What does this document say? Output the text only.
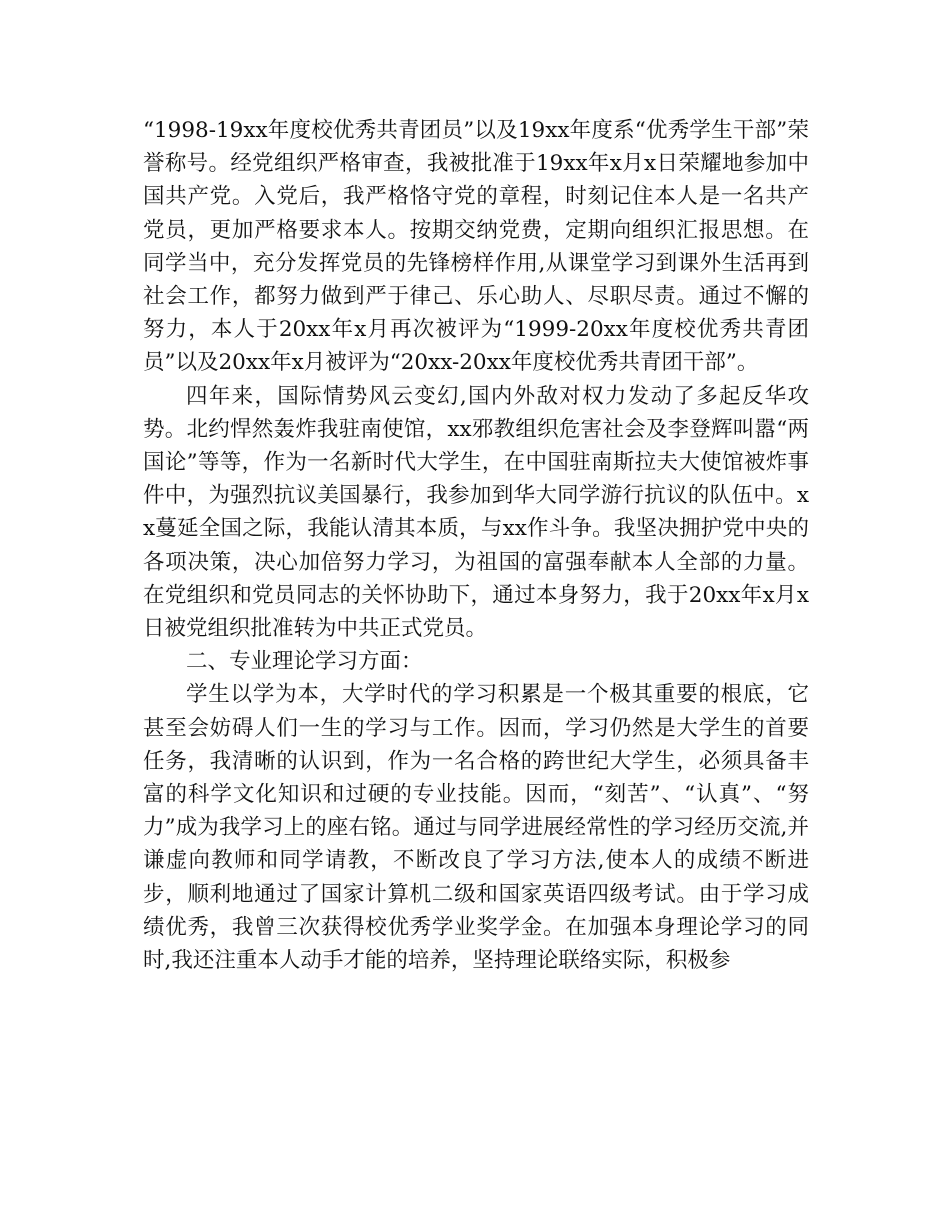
“1998-19xx年度校优秀共青团员”以及19xx年度系“优秀学生干部”荣誉称号。经党组织严格审查，我被批准于19xx年x月x日荣耀地参加中国共产党。入党后，我严格恪守党的章程，时刻记住本人是一名共产党员，更加严格要求本人。按期交纳党费，定期向组织汇报思想。在同学当中，充分发挥党员的先锋榜样作用,从课堂学习到课外生活再到社会工作，都努力做到严于律己、乐心助人、尽职尽责。通过不懈的努力，本人于20xx年x月再次被评为“1999-20xx年度校优秀共青团员”以及20xx年x月被评为“20xx-20xx年度校优秀共青团干部”。

四年来，国际情势风云变幻,国内外敌对权力发动了多起反华攻势。北约悍然轰炸我驻南使馆，xx邪教组织危害社会及李登辉叫嚣“两国论”等等，作为一名新时代大学生，在中国驻南斯拉夫大使馆被炸事件中，为强烈抗议美国暴行，我参加到华大同学游行抗议的队伍中。xx蔓延全国之际，我能认清其本质，与xx作斗争。我坚决拥护党中央的各项决策，决心加倍努力学习，为祖国的富强奉献本人全部的力量。在党组织和党员同志的关怀协助下，通过本身努力，我于20xx年x月x日被党组织批准转为中共正式党员。

二、专业理论学习方面：

学生以学为本，大学时代的学习积累是一个极其重要的根底，它甚至会妨碍人们一生的学习与工作。因而，学习仍然是大学生的首要任务，我清晰的认识到，作为一名合格的跨世纪大学生，必须具备丰富的科学文化知识和过硬的专业技能。因而，“刻苦”、“认真”、“努力”成为我学习上的座右铭。通过与同学进展经常性的学习经历交流,并谦虚向教师和同学请教，不断改良了学习方法,使本人的成绩不断进步，顺利地通过了国家计算机二级和国家英语四级考试。由于学习成绩优秀，我曾三次获得校优秀学业奖学金。在加强本身理论学习的同时,我还注重本人动手才能的培养，坚持理论联络实际，积极参
